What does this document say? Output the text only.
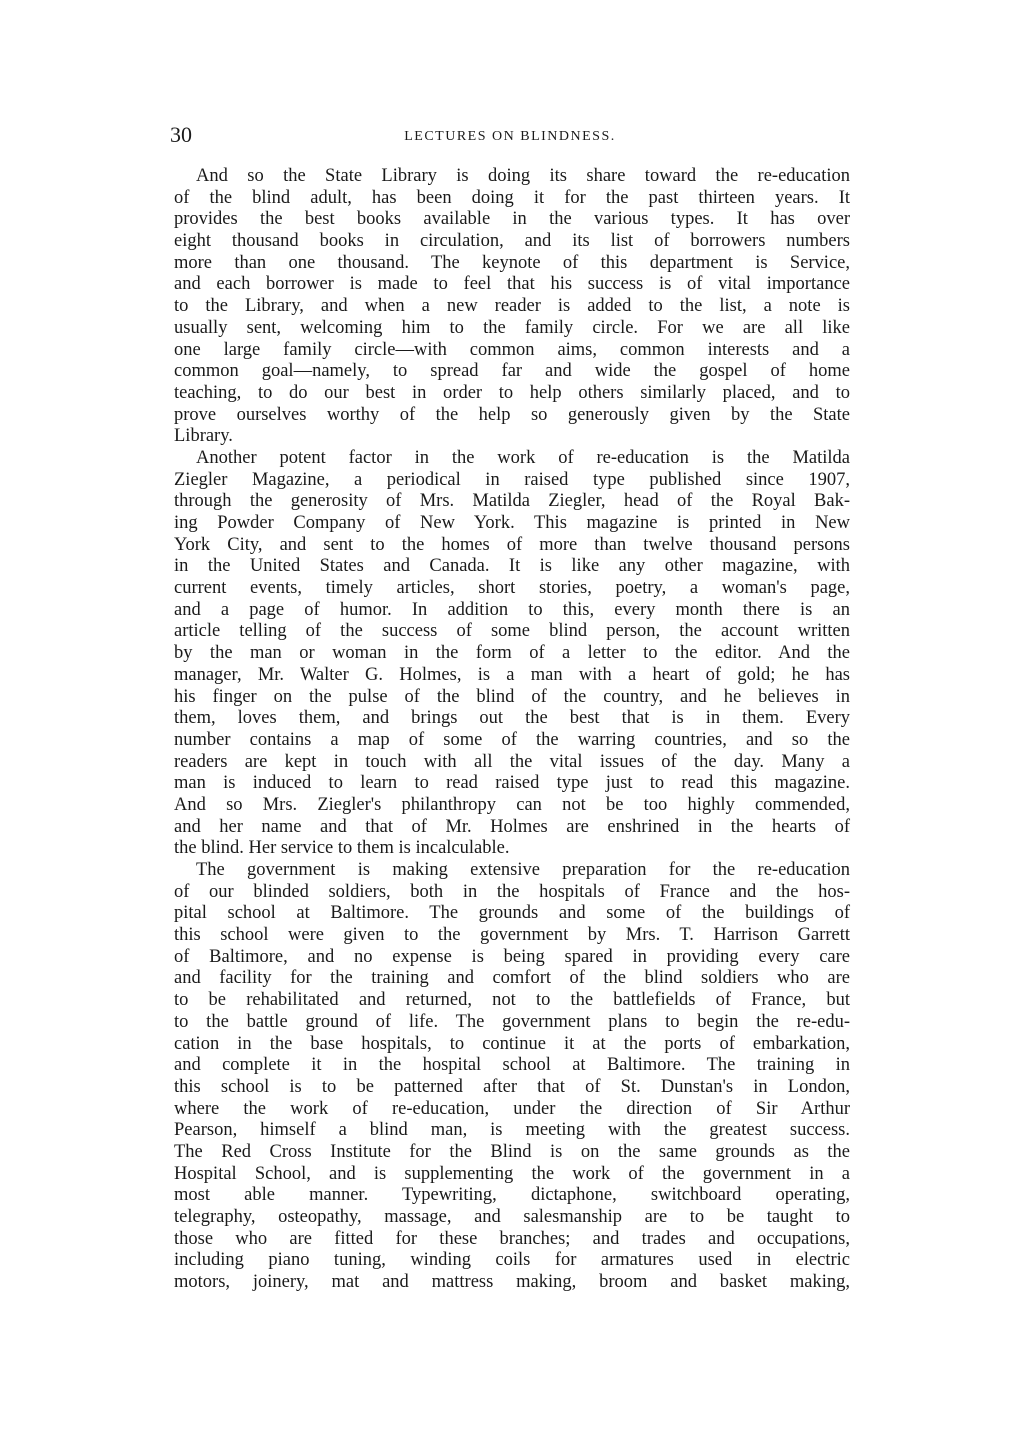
30	LECTURES ON BLINDNESS.
And so the State Library is doing its share toward the re-education
of the blind adult, has been doing it for the past thirteen years. It
provides the best books available in the various types. It has over
eight thousand books in circulation, and its list of borrowers numbers
more than one thousand. The keynote of this department is Service,
and each borrower is made to feel that his success is of vital importance
to the Library, and when a new reader is added to the list, a note is
usually sent, welcoming him to the family circle. For we are all like
one large family circle—with common aims, common interests and a
common goal—namely, to spread far and wide the gospel of home
teaching, to do our best in order to help others similarly placed, and to
prove ourselves worthy of the help so generously given by the State
Library.
Another potent factor in the work of re-education is the Matilda
Ziegler Magazine, a periodical in raised type published since 1907,
through the generosity of Mrs. Matilda Ziegler, head of the Royal Bak-
ing Powder Company of New York. This magazine is printed in New
York City, and sent to the homes of more than twelve thousand persons
in the United States and Canada. It is like any other magazine, with
current events, timely articles, short stories, poetry, a woman's page,
and a page of humor. In addition to this, every month there is an
article telling of the success of some blind person, the account written
by the man or woman in the form of a letter to the editor. And the
manager, Mr. Walter G. Holmes, is a man with a heart of gold; he has
his finger on the pulse of the blind of the country, and he believes in
them, loves them, and brings out the best that is in them. Every
number contains a map of some of the warring countries, and so the
readers are kept in touch with all the vital issues of the day. Many a
man is induced to learn to read raised type just to read this magazine.
And so Mrs. Ziegler's philanthropy can not be too highly commended,
and her name and that of Mr. Holmes are enshrined in the hearts of
the blind. Her service to them is incalculable.
The government is making extensive preparation for the re-education
of our blinded soldiers, both in the hospitals of France and the hos-
pital school at Baltimore. The grounds and some of the buildings of
this school were given to the government by Mrs. T. Harrison Garrett
of Baltimore, and no expense is being spared in providing every care
and facility for the training and comfort of the blind soldiers who are
to be rehabilitated and returned, not to the battlefields of France, but
to the battle ground of life. The government plans to begin the re-edu-
cation in the base hospitals, to continue it at the ports of embarkation,
and complete it in the hospital school at Baltimore. The training in
this school is to be patterned after that of St. Dunstan's in London,
where the work of re-education, under the direction of Sir Arthur
Pearson, himself a blind man, is meeting with the greatest success.
The Red Cross Institute for the Blind is on the same grounds as the
Hospital School, and is supplementing the work of the government in a
most able manner. Typewriting, dictaphone, switchboard operating,
telegraphy, osteopathy, massage, and salesmanship are to be taught to
those who are fitted for these branches; and trades and occupations,
including piano tuning, winding coils for armatures used in electric
motors, joinery, mat and mattress making, broom and basket making,
